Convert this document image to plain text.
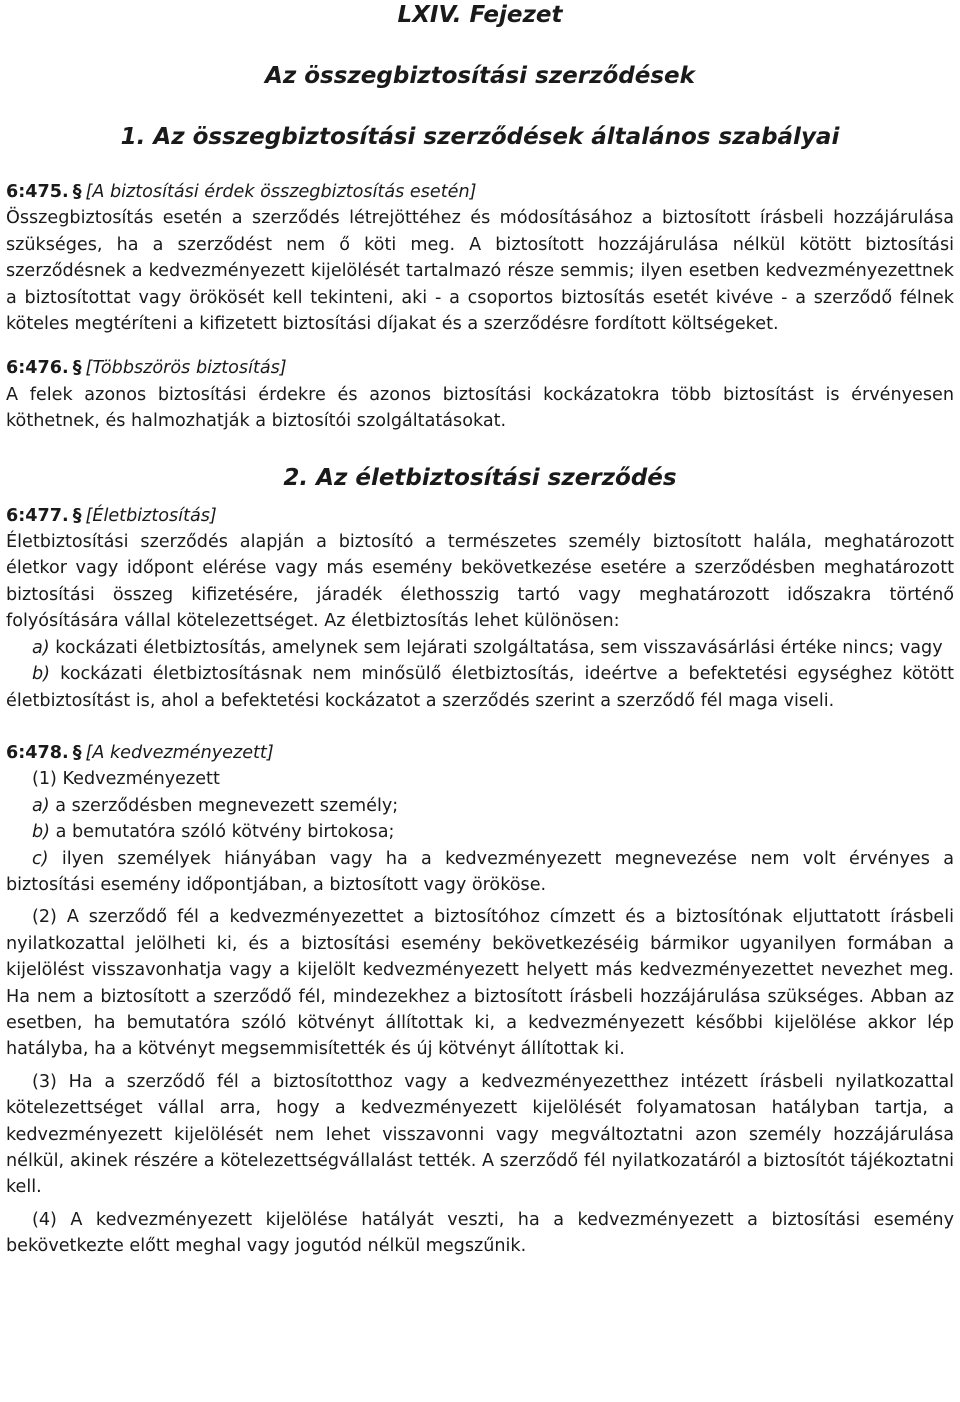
LXIV. Fejezet
Az összegbiztosítási szerződések
1. Az összegbiztosítási szerződések általános szabályai
6:475. § [A biztosítási érdek összegbiztosítás esetén]

Összegbiztosítás esetén a szerződés létrejöttéhez és módosításához a biztosított írásbeli hozzájárulása szükséges, ha a szerződést nem ő köti meg. A biztosított hozzájárulása nélkül kötött biztosítási szerződésnek a kedvezményezett kijelölését tartalmazó része semmis; ilyen esetben kedvezményezettnek a biztosítottat vagy örökösét kell tekinteni, aki - a csoportos biztosítás esetét kivéve - a szerződő félnek köteles megtéríteni a kifizetett biztosítási díjakat és a szerződésre fordított költségeket.

6:476. § [Többszörös biztosítás]

A felek azonos biztosítási érdekre és azonos biztosítási kockázatokra több biztosítást is érvényesen köthetnek, és halmozhatják a biztosítói szolgáltatásokat.

2. Az életbiztosítási szerződés
6:477. § [Életbiztosítás]

Életbiztosítási szerződés alapján a biztosító a természetes személy biztosított halála, meghatározott életkor vagy időpont elérése vagy más esemény bekövetkezése esetére a szerződésben meghatározott biztosítási összeg kifizetésére, járadék élethosszig tartó vagy meghatározott időszakra történő folyósítására vállal kötelezettséget. Az életbiztosítás lehet különösen:

a) kockázati életbiztosítás, amelynek sem lejárati szolgáltatása, sem visszavásárlási értéke nincs; vagy

b) kockázati életbiztosításnak nem minősülő életbiztosítás, ideértve a befektetési egységhez kötött életbiztosítást is, ahol a befektetési kockázatot a szerződés szerint a szerződő fél maga viseli.

6:478. § [A kedvezményezett]

(1) Kedvezményezett

a) a szerződésben megnevezett személy;

b) a bemutatóra szóló kötvény birtokosa;

c) ilyen személyek hiányában vagy ha a kedvezményezett megnevezése nem volt érvényes a biztosítási esemény időpontjában, a biztosított vagy örököse.

(2) A szerződő fél a kedvezményezettet a biztosítóhoz címzett és a biztosítónak eljuttatott írásbeli nyilatkozattal jelölheti ki, és a biztosítási esemény bekövetkezéséig bármikor ugyanilyen formában a kijelölést visszavonhatja vagy a kijelölt kedvezményezett helyett más kedvezményezettet nevezhet meg. Ha nem a biztosított a szerződő fél, mindezekhez a biztosított írásbeli hozzájárulása szükséges. Abban az esetben, ha bemutatóra szóló kötvényt állítottak ki, a kedvezményezett későbbi kijelölése akkor lép hatályba, ha a kötvényt megsemmisítették és új kötvényt állítottak ki.

(3) Ha a szerződő fél a biztosítotthoz vagy a kedvezményezetthez intézett írásbeli nyilatkozattal kötelezettséget vállal arra, hogy a kedvezményezett kijelölését folyamatosan hatályban tartja, a kedvezményezett kijelölését nem lehet visszavonni vagy megváltoztatni azon személy hozzájárulása nélkül, akinek részére a kötelezettségvállalást tették. A szerződő fél nyilatkozatáról a biztosítót tájékoztatni kell.

(4) A kedvezményezett kijelölése hatályát veszti, ha a kedvezményezett a biztosítási esemény bekövetkezte előtt meghal vagy jogutód nélkül megszűnik.
